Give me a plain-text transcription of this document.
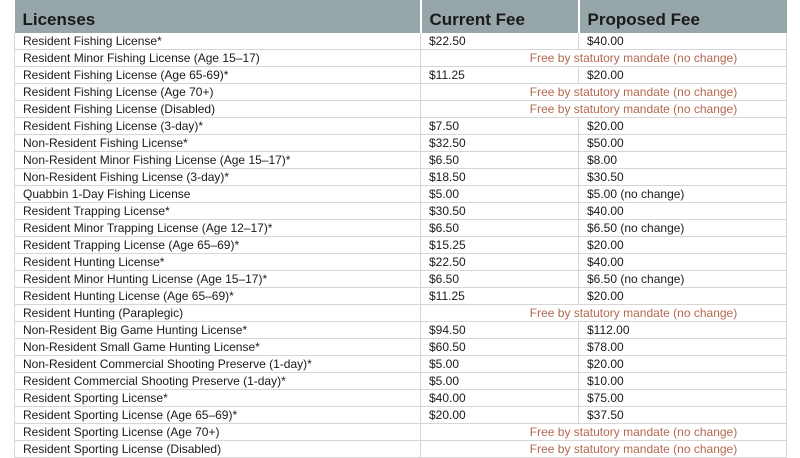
Licenses	Current Fee	Proposed Fee
Resident Fishing License*	$22.50	$40.00
Resident Minor Fishing License (Age 15–17)	Free by statutory mandate (no change)	
Resident Fishing License (Age 65-69)*	$11.25	$20.00
Resident Fishing License (Age 70+)	Free by statutory mandate (no change)	
Resident Fishing License (Disabled)	Free by statutory mandate (no change)	
Resident Fishing License (3-day)*	$7.50	$20.00
Non-Resident Fishing License*	$32.50	$50.00
Non-Resident Minor Fishing License (Age 15–17)*	$6.50	$8.00
Non-Resident Fishing License (3-day)*	$18.50	$30.50
Quabbin 1-Day Fishing License	$5.00	$5.00 (no change)
Resident Trapping License*	$30.50	$40.00
Resident Minor Trapping License (Age 12–17)*	$6.50	$6.50 (no change)
Resident Trapping License (Age 65–69)*	$15.25	$20.00
Resident Hunting License*	$22.50	$40.00
Resident Minor Hunting License (Age 15–17)*	$6.50	$6.50 (no change)
Resident Hunting License (Age 65–69)*	$11.25	$20.00
Resident Hunting (Paraplegic)	Free by statutory mandate (no change)	
Non-Resident Big Game Hunting License*	$94.50	$112.00
Non-Resident Small Game Hunting License*	$60.50	$78.00
Non-Resident Commercial Shooting Preserve (1-day)*	$5.00	$20.00
Resident Commercial Shooting Preserve (1-day)*	$5.00	$10.00
Resident Sporting License*	$40.00	$75.00
Resident Sporting License (Age 65–69)*	$20.00	$37.50
Resident Sporting License (Age 70+)	Free by statutory mandate (no change)	
Resident Sporting License (Disabled)	Free by statutory mandate (no change)	
